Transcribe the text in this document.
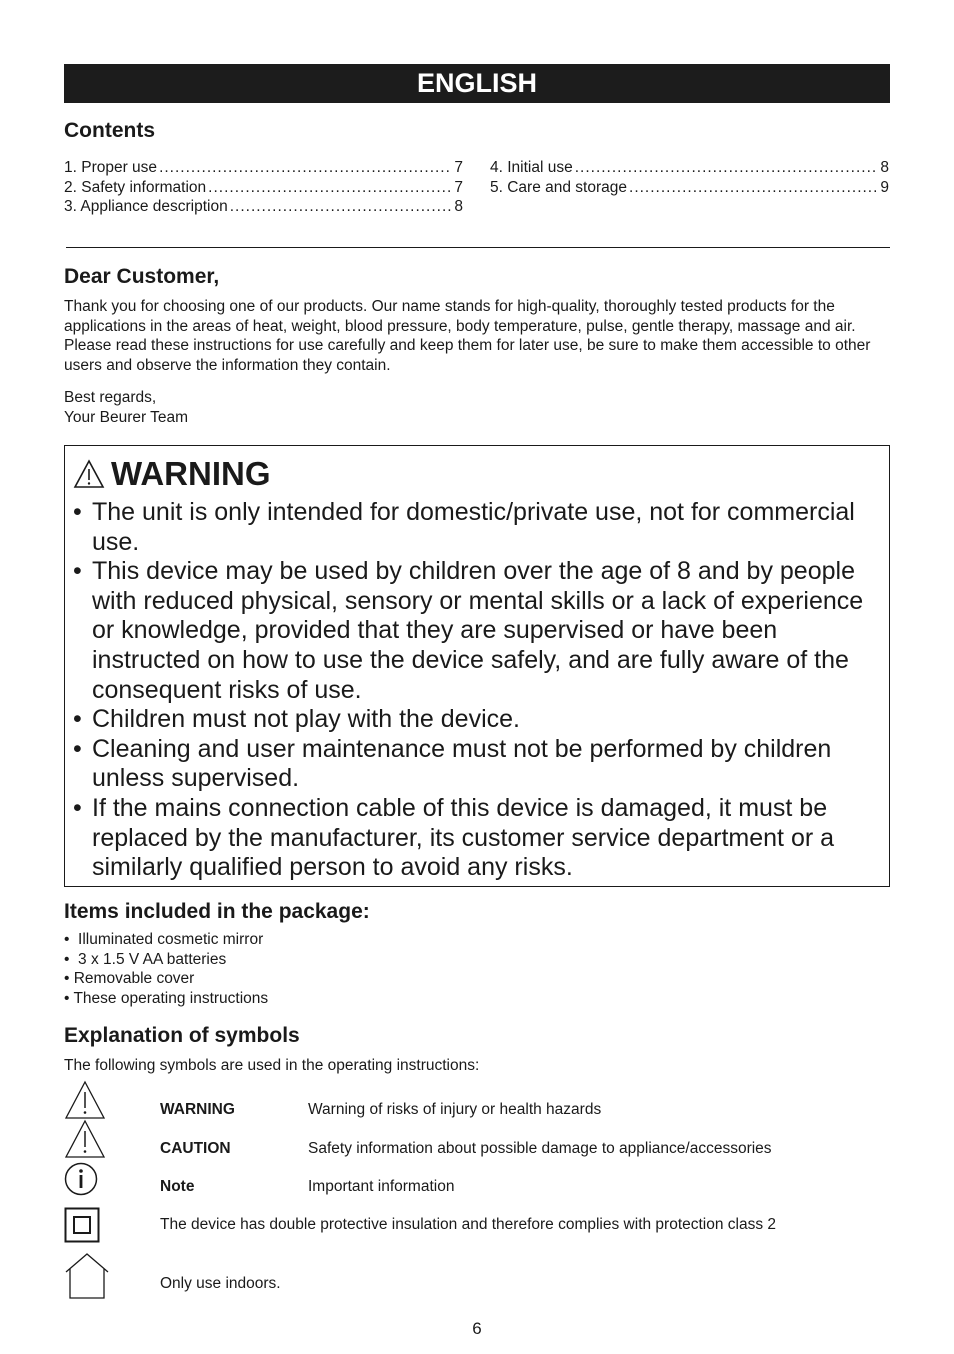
ENGLISH
Contents
1. Proper use .....	7
2. Safety information .....	7
3. Appliance description .....	8
4. Initial use .....	8
5. Care and storage .....	9
Dear Customer,

Thank you for choosing one of our products. Our name stands for high-quality, thoroughly tested products for the applications in the areas of heat, weight, blood pressure, body temperature, pulse, gentle therapy, massage and air. Please read these instructions for use carefully and keep them for later use, be sure to make them accessible to other users and observe the information they contain.

Best regards,

Your Beurer Team

WARNING
• The unit is only intended for domestic/private use, not for commercial use.
• This device may be used by children over the age of 8 and by people with reduced physical, sensory or mental skills or a lack of experience or knowledge, provided that they are supervised or have been instructed on how to use the device safely, and are fully aware of the consequent risks of use.
• Children must not play with the device.
• Cleaning and user maintenance must not be performed by children unless supervised.
• If the mains connection cable of this device is damaged, it must be replaced by the manufacturer, its customer service department or a similarly qualified person to avoid any risks.
Items included in the package:
•  Illuminated cosmetic mirror
•  3 x 1.5 V AA batteries
• Removable cover
• These operating instructions
Explanation of symbols

The following symbols are used in the operating instructions:

WARNING	Warning of risks of injury or health hazards
CAUTION	Safety information about possible damage to appliance/accessories
Note	Important information
The device has double protective insulation and therefore complies with protection class 2
Only use indoors.
6
